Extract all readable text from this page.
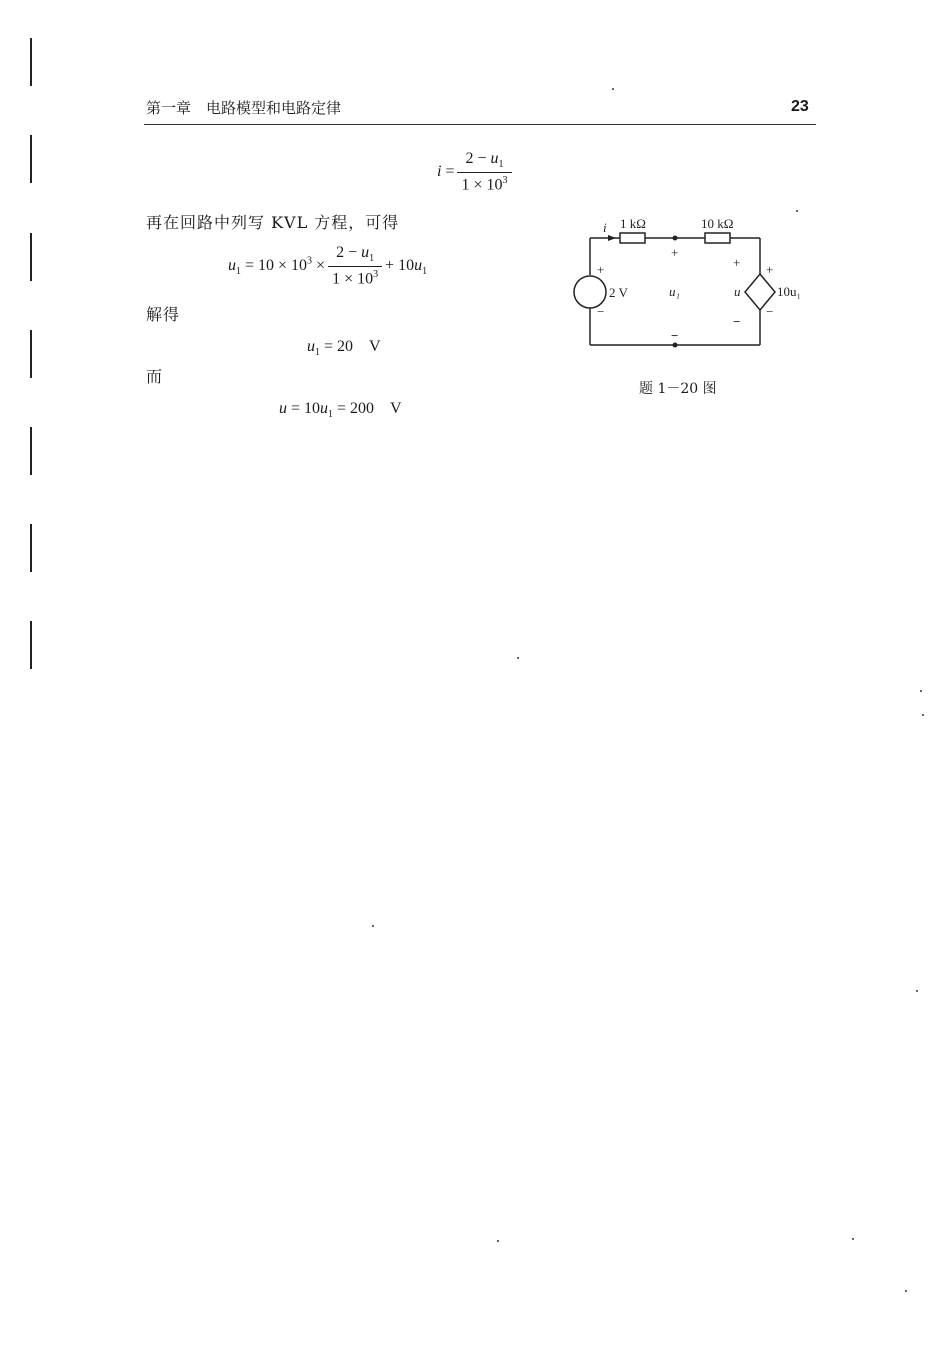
第一章　电路模型和电路定律	23
$i = \frac{2 - u_1}{1 \times 10^3}$
再在回路中列写 KVL 方程，可得
$u_1 = 10 \times 10^3 \times \frac{2 - u_1}{1 \times 10^3} + 10u_1$
解得
$u_1 = 20$　V
而
$u = 10u_1 = 200$　V
i 1 kΩ	10 kΩ
+
−
2 V
+
u₁
−
+
u
−
+
−
10u₁
题 1－20 图
